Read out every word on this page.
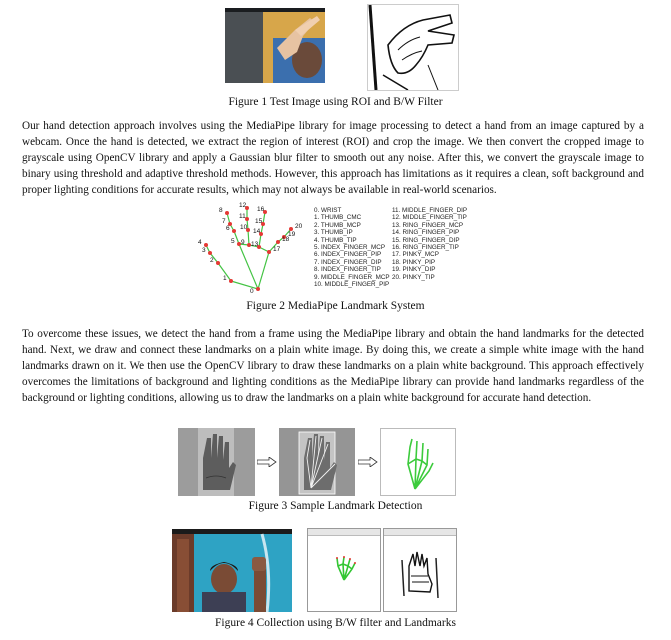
Figure 1 Test Image using ROI and B/W Filter

Our hand detection approach involves using the MediaPipe library for image processing to detect a hand from an image captured by a webcam. Once the hand is detected, we extract the region of interest (ROI) and crop the image. We then convert the cropped image to grayscale using OpenCV library and apply a Gaussian blur filter to smooth out any noise. After this, we convert the grayscale image to binary using threshold and adaptive threshold methods. However, this approach has limitations as it requires a clean, soft background and proper lighting conditions for accurate results, which may not always be available in real-world scenarios.

0
1
2
3
4	5
6
7
8
9
10
11
12
13
14
15
16
17
18
19
20
0. WRIST
1. THUMB_CMC
2. THUMB_MCP
3. THUMB_IP
4. THUMB_TIP
5. INDEX_FINGER_MCP
6. INDEX_FINGER_PIP
7. INDEX_FINGER_DIP
8. INDEX_FINGER_TIP
9. MIDDLE_FINGER_MCP
10. MIDDLE_FINGER_PIP
11. MIDDLE_FINGER_DIP
12. MIDDLE_FINGER_TIP
13. RING_FINGER_MCP
14. RING_FINGER_PIP
15. RING_FINGER_DIP
16. RING_FINGER_TIP
17. PINKY_MCP
18. PINKY_PIP
19. PINKY_DIP
20. PINKY_TIP
Figure 2 MediaPipe Landmark System

To overcome these issues, we detect the hand from a frame using the MediaPipe library and obtain the hand landmarks for the detected hand. Next, we draw and connect these landmarks on a plain white image. By doing this, we create a simple white image with the hand landmarks drawn on it. We then use the OpenCV library to draw these landmarks on a plain white background. This approach effectively overcomes the limitations of background and lighting conditions as the MediaPipe library can provide hand landmarks regardless of the background or lighting conditions, allowing us to draw the landmarks on a plain white background for accurate hand detection.

Figure 3 Sample Landmark Detection
Figure 4 Collection using B/W filter and Landmarks
